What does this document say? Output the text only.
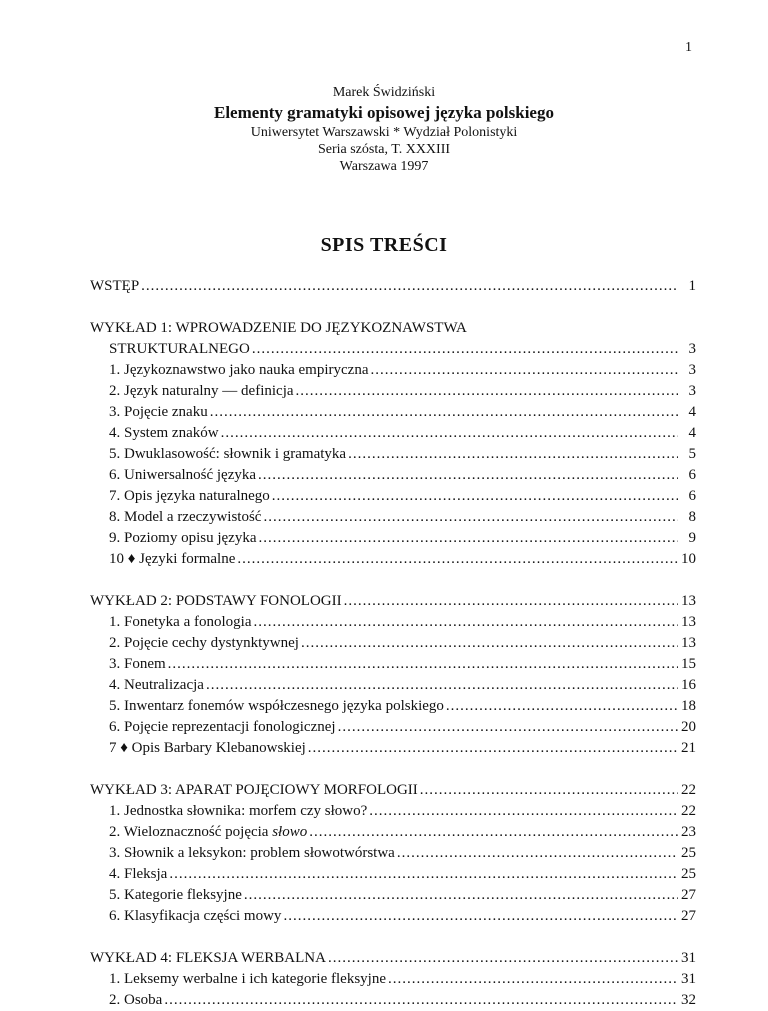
1
Marek Świdziński
Elementy gramatyki opisowej języka polskiego
Uniwersytet Warszawski * Wydział Polonistyki
Seria szósta, T. XXXIII
Warszawa 1997
SPIS TREŚCI
WSTĘP .....	1
WYKŁAD 1: WPROWADZENIE DO JĘZYKOZNAWSTWA
STRUKTURALNEGO .....	3
1. Językoznawstwo jako nauka empiryczna .....	3
2. Język naturalny — definicja .....	3
3. Pojęcie znaku .....	4
4. System znaków .....	4
5. Dwuklasowość: słownik i gramatyka .....	5
6. Uniwersalność języka .....	6
7. Opis języka naturalnego .....	6
8. Model a rzeczywistość .....	8
9. Poziomy opisu języka .....	9
10 ♦ Języki formalne .....	10
WYKŁAD 2: PODSTAWY FONOLOGII .....	13
1. Fonetyka a fonologia .....	13
2. Pojęcie cechy dystynktywnej .....	13
3. Fonem .....	15
4. Neutralizacja .....	16
5. Inwentarz fonemów współczesnego języka polskiego .....	18
6. Pojęcie reprezentacji fonologicznej .....	20
7 ♦ Opis Barbary Klebanowskiej .....	21
WYKŁAD 3: APARAT POJĘCIOWY MORFOLOGII .....	22
1. Jednostka słownika: morfem czy słowo? .....	22
2. Wieloznaczność pojęcia słowo .....	23
3. Słownik a leksykon: problem słowotwórstwa .....	25
4. Fleksja .....	25
5. Kategorie fleksyjne .....	27
6. Klasyfikacja części mowy .....	27
WYKŁAD 4: FLEKSJA WERBALNA .....	31
1. Leksemy werbalne i ich kategorie fleksyjne .....	31
2. Osoba .....	32
